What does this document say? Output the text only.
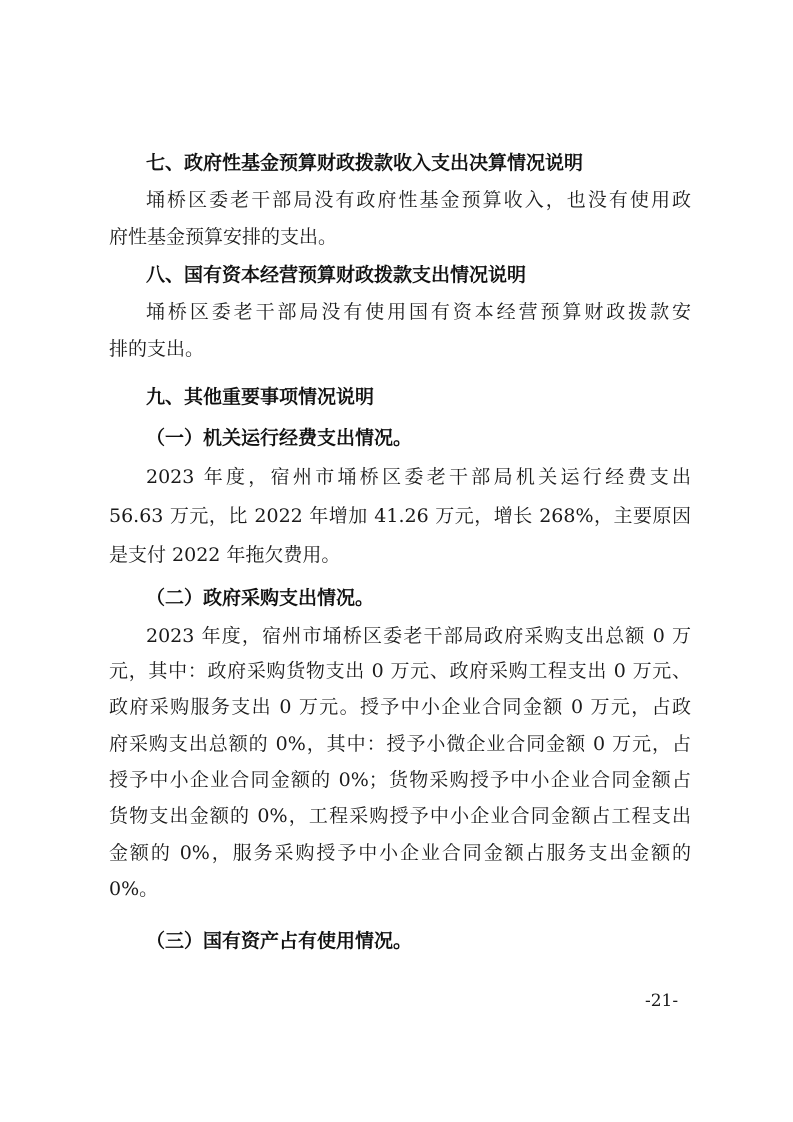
七、政府性基金预算财政拨款收入支出决算情况说明
埇桥区委老干部局没有政府性基金预算收入，也没有使用政
府性基金预算安排的支出。
八、国有资本经营预算财政拨款支出情况说明
埇桥区委老干部局没有使用国有资本经营预算财政拨款安
排的支出。
九、其他重要事项情况说明
（一）机关运行经费支出情况。
2023 年度，宿州市埇桥区委老干部局机关运行经费支出
56.63 万元，比 2022 年增加 41.26 万元，增长 268%，主要原因
是支付 2022 年拖欠费用。
（二）政府采购支出情况。
2023 年度，宿州市埇桥区委老干部局政府采购支出总额 0 万
元，其中：政府采购货物支出 0 万元、政府采购工程支出 0 万元、
政府采购服务支出 0 万元。授予中小企业合同金额 0 万元，占政
府采购支出总额的 0%，其中：授予小微企业合同金额 0 万元，占
授予中小企业合同金额的 0%；货物采购授予中小企业合同金额占
货物支出金额的 0%，工程采购授予中小企业合同金额占工程支出
金额的 0%，服务采购授予中小企业合同金额占服务支出金额的
0%。
（三）国有资产占有使用情况。
-21-
